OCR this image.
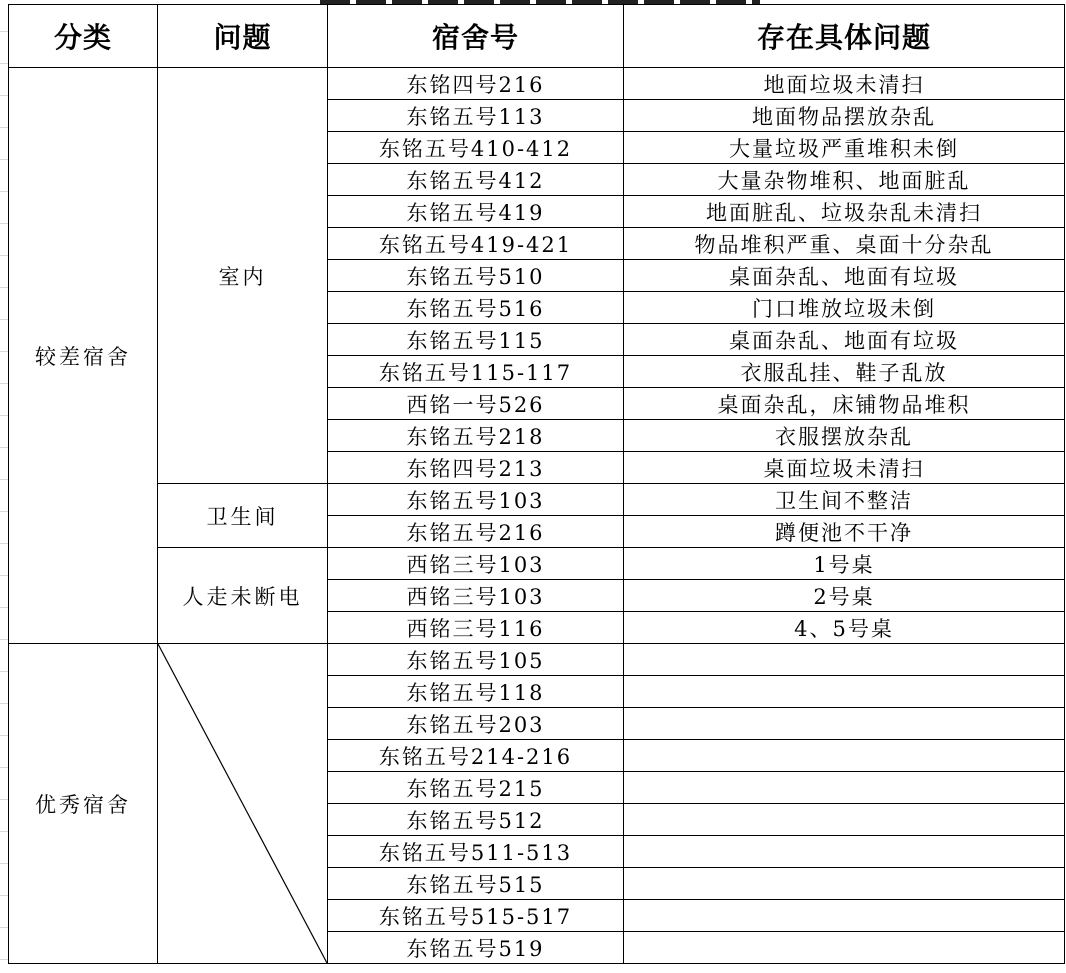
分类	问题	宿舍号	存在具体问题
较差宿舍	室内	东铭四号216	地面垃圾未清扫
		东铭五号113	地面物品摆放杂乱
		东铭五号410-412	大量垃圾严重堆积未倒
		东铭五号412	大量杂物堆积、地面脏乱
		东铭五号419	地面脏乱、垃圾杂乱未清扫
		东铭五号419-421	物品堆积严重、桌面十分杂乱
		东铭五号510	桌面杂乱、地面有垃圾
		东铭五号516	门口堆放垃圾未倒
		东铭五号115	桌面杂乱、地面有垃圾
		东铭五号115-117	衣服乱挂、鞋子乱放
		西铭一号526	桌面杂乱，床铺物品堆积
		东铭五号218	衣服摆放杂乱
		东铭四号213	桌面垃圾未清扫
	卫生间	东铭五号103	卫生间不整洁
		东铭五号216	蹲便池不干净
	人走未断电	西铭三号103	1号桌
		西铭三号103	2号桌
		西铭三号116	4、5号桌
优秀宿舍		东铭五号105	
		东铭五号118	
		东铭五号203	
		东铭五号214-216	
		东铭五号215	
		东铭五号512	
		东铭五号511-513	
		东铭五号515	
		东铭五号515-517	
		东铭五号519	
